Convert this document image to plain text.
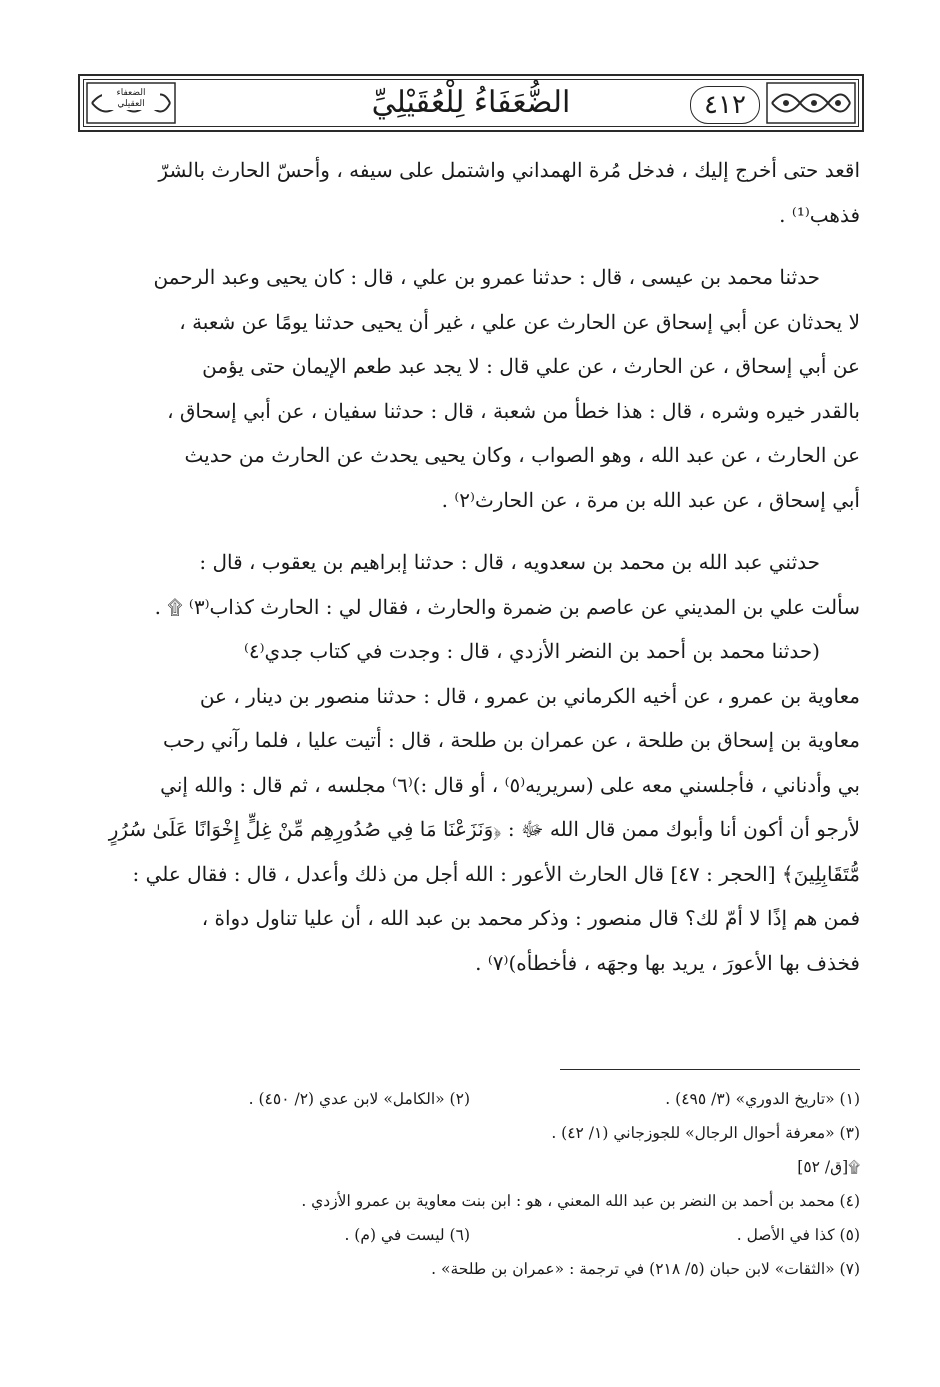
الضعفاء العقيلي	٤١٢
الضُّعَفَاءُ لِلْعُقَيْلِيِّ

اقعد حتى أخرج إليك ، فدخل مُرة الهمداني واشتمل على سيفه ، وأحسّ الحارث بالشرّ

فذهب⁽¹⁾ .

حدثنا محمد بن عيسى ، قال : حدثنا عمرو بن علي ، قال : كان يحيى وعبد الرحمن

لا يحدثان عن أبي إسحاق عن الحارث عن علي ، غير أن يحيى حدثنا يومًا عن شعبة ،

عن أبي إسحاق ، عن الحارث ، عن علي قال : لا يجد عبد طعم الإيمان حتى يؤمن

بالقدر خيره وشره ، قال : هذا خطأ من شعبة ، قال : حدثنا سفيان ، عن أبي إسحاق ،

عن الحارث ، عن عبد الله ، وهو الصواب ، وكان يحيى يحدث عن الحارث من حديث

أبي إسحاق ، عن عبد الله بن مرة ، عن الحارث⁽٢⁾ .

حدثني عبد الله بن محمد بن سعدويه ، قال : حدثنا إبراهيم بن يعقوب ، قال :

سألت علي بن المديني عن عاصم بن ضمرة والحارث ، فقال لي : الحارث كذاب⁽٣⁾ ۩ .

(حدثنا محمد بن أحمد بن النضر الأزدي ، قال : وجدت في كتاب جدي⁽٤⁾

معاوية بن عمرو ، عن أخيه الكرماني بن عمرو ، قال : حدثنا منصور بن دينار ، عن

معاوية بن إسحاق بن طلحة ، عن عمران بن طلحة ، قال : أتيت عليا ، فلما رآني رحب

بي وأدناني ، فأجلسني معه على (سريريه⁽٥⁾ ، أو قال :)⁽٦⁾ مجلسه ، ثم قال : والله إني

لأرجو أن أكون أنا وأبوك ممن قال الله ﷻ : ﴿وَنَزَعْنَا مَا فِي صُدُورِهِم مِّنْ غِلٍّ إِخْوَانًا عَلَىٰ سُرُرٍ

مُّتَقَابِلِينَ﴾ [الحجر : ٤٧] قال الحارث الأعور : الله أجل من ذلك وأعدل ، قال : فقال علي :

فمن هم إذًا لا أمّ لك؟ قال منصور : وذكر محمد بن عبد الله ، أن عليا تناول دواة ،

فخذف بها الأعورَ ، يريد بها وجهَه ، فأخطأه)⁽٧⁾ .

(١) «تاريخ الدوري» (٣/ ٤٩٥) .
(٢) «الكامل» لابن عدي (٢/ ٤٥٠) .
(٣) «معرفة أحوال الرجال» للجوزجاني (١/ ٤٢) .
۩[ق/ ٥٢]
(٤) محمد بن أحمد بن النضر بن عبد الله المعني ، هو : ابن بنت معاوية بن عمرو الأزدي .
(٥) كذا في الأصل .
(٦) ليست في (م) .
(٧) «الثقات» لابن حبان (٥/ ٢١٨) في ترجمة : «عمران بن طلحة» .
